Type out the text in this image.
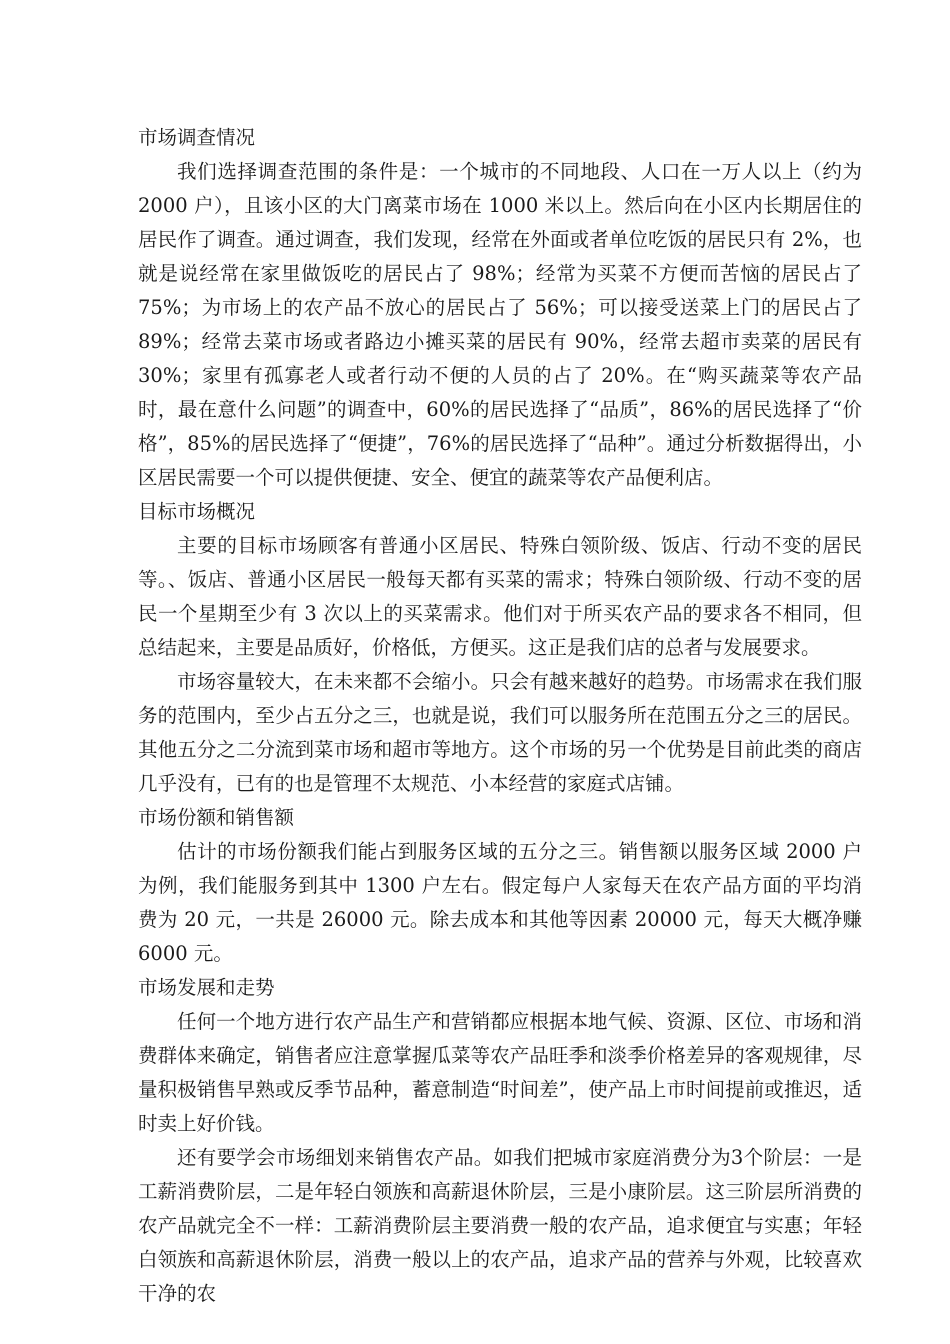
市场调查情况

我们选择调查范围的条件是：一个城市的不同地段、人口在一万人以上（约为 2000 户），且该小区的大门离菜市场在 1000 米以上。然后向在小区内长期居住的居民作了调查。通过调查，我们发现，经常在外面或者单位吃饭的居民只有 2%，也就是说经常在家里做饭吃的居民占了 98%；经常为买菜不方便而苦恼的居民占了 75%；为市场上的农产品不放心的居民占了 56%；可以接受送菜上门的居民占了 89%；经常去菜市场或者路边小摊买菜的居民有 90%，经常去超市卖菜的居民有 30%；家里有孤寡老人或者行动不便的人员的占了 20%。在“购买蔬菜等农产品时，最在意什么问题”的调查中，60%的居民选择了“品质”，86%的居民选择了“价格”，85%的居民选择了“便捷”，76%的居民选择了“品种”。通过分析数据得出，小区居民需要一个可以提供便捷、安全、便宜的蔬菜等农产品便利店。

目标市场概况

主要的目标市场顾客有普通小区居民、特殊白领阶级、饭店、行动不变的居民等。、饭店、普通小区居民一般每天都有买菜的需求；特殊白领阶级、行动不变的居民一个星期至少有 3 次以上的买菜需求。他们对于所买农产品的要求各不相同，但总结起来，主要是品质好，价格低，方便买。这正是我们店的总者与发展要求。

市场容量较大，在未来都不会缩小。只会有越来越好的趋势。市场需求在我们服务的范围内，至少占五分之三，也就是说，我们可以服务所在范围五分之三的居民。其他五分之二分流到菜市场和超市等地方。这个市场的另一个优势是目前此类的商店几乎没有，已有的也是管理不太规范、小本经营的家庭式店铺。

市场份额和销售额

估计的市场份额我们能占到服务区域的五分之三。销售额以服务区域 2000 户为例，我们能服务到其中 1300 户左右。假定每户人家每天在农产品方面的平均消费为 20 元，一共是 26000 元。除去成本和其他等因素 20000 元，每天大概净赚 6000 元。

市场发展和走势

任何一个地方进行农产品生产和营销都应根据本地气候、资源、区位、市场和消费群体来确定，销售者应注意掌握瓜菜等农产品旺季和淡季价格差异的客观规律，尽量积极销售早熟或反季节品种，蓄意制造“时间差”，使产品上市时间提前或推迟，适时卖上好价钱。

还有要学会市场细划来销售农产品。如我们把城市家庭消费分为3个阶层：一是工薪消费阶层，二是年轻白领族和高薪退休阶层，三是小康阶层。这三阶层所消费的农产品就完全不一样：工薪消费阶层主要消费一般的农产品，追求便宜与实惠；年轻白领族和高薪退休阶层，消费一般以上的农产品，追求产品的营养与外观，比较喜欢干净的农
